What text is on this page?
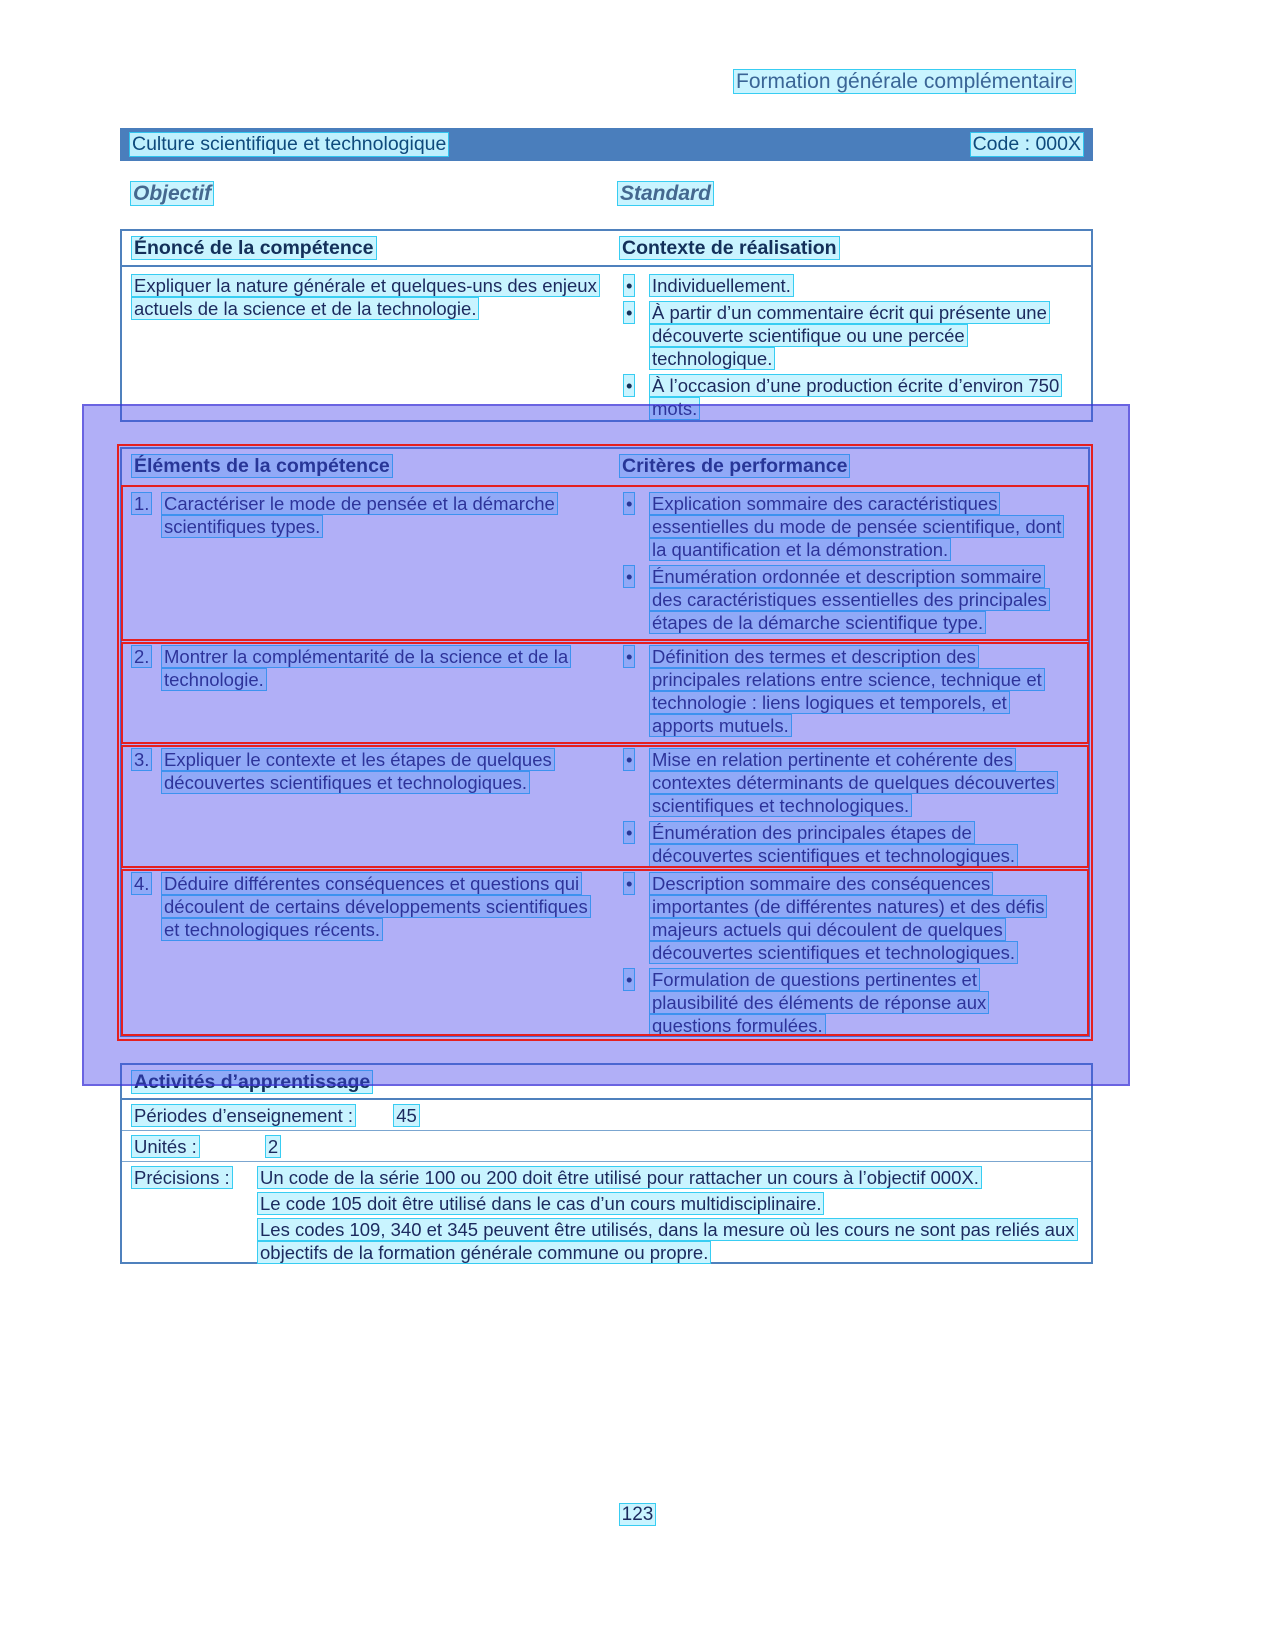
Formation générale complémentaire
Culture scientifique et technologique	Code : 000X
Objectif	Standard
Énoncé de la compétence	Contexte de réalisation
Expliquer la nature générale et quelques-uns des enjeux actuels de la science et de la technologie.
•	Individuellement.
•	À partir d’un commentaire écrit qui présente une découverte scientifique ou une percée technologique.
•	À l’occasion d’une production écrite d’environ 750 mots.
Éléments de la compétence	Critères de performance
1. Caractériser le mode de pensée et la démarche scientifiques types.
•	Explication sommaire des caractéristiques essentielles du mode de pensée scientifique, dont la quantification et la démonstration.
•	Énumération ordonnée et description sommaire des caractéristiques essentielles des principales étapes de la démarche scientifique type.
2. Montrer la complémentarité de la science et de la technologie.
•	Définition des termes et description des principales relations entre science, technique et technologie : liens logiques et temporels, et apports mutuels.
3. Expliquer le contexte et les étapes de quelques découvertes scientifiques et technologiques.
•	Mise en relation pertinente et cohérente des contextes déterminants de quelques découvertes scientifiques et technologiques.
•	Énumération des principales étapes de découvertes scientifiques et technologiques.
4. Déduire différentes conséquences et questions qui découlent de certains développements scientifiques et technologiques récents.
•	Description sommaire des conséquences importantes (de différentes natures) et des défis majeurs actuels qui découlent de quelques découvertes scientifiques et technologiques.
•	Formulation de questions pertinentes et plausibilité des éléments de réponse aux questions formulées.
Activités d’apprentissage
Périodes d’enseignement : 45
Unités :	2
Précisions :	Un code de la série 100 ou 200 doit être utilisé pour rattacher un cours à l’objectif 000X.
Le code 105 doit être utilisé dans le cas d’un cours multidisciplinaire.
Les codes 109, 340 et 345 peuvent être utilisés, dans la mesure où les cours ne sont pas reliés aux objectifs de la formation générale commune ou propre.
123
